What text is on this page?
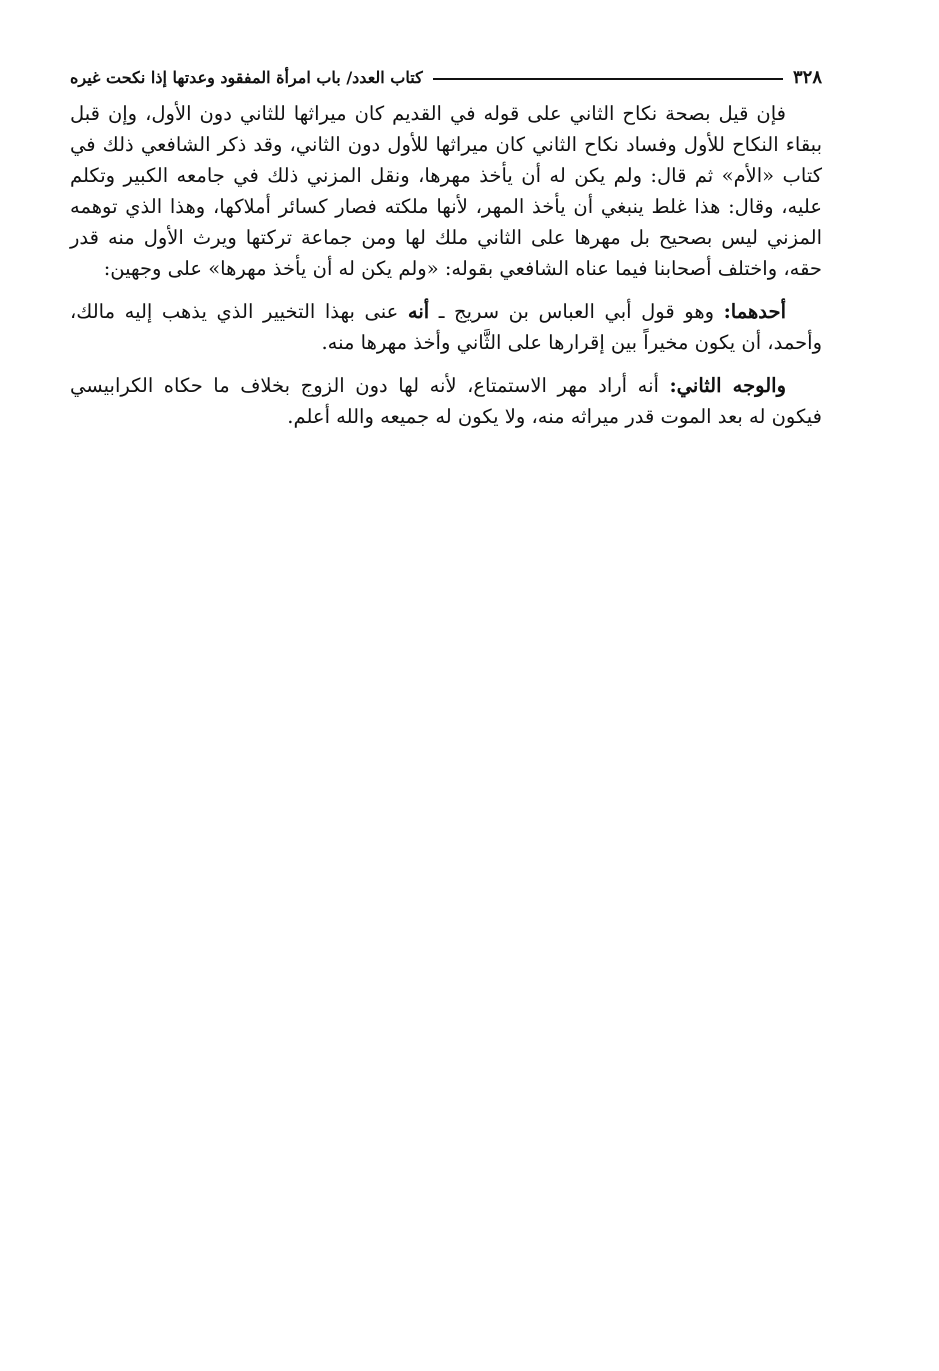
٣٢٨
كتاب العدد/ باب امرأة المفقود وعدتها إذا نكحت غيره

فإن قيل بصحة نكاح الثاني على قوله في القديم كان ميراثها للثاني دون الأول، وإن قبل ببقاء النكاح للأول وفساد نكاح الثاني كان ميراثها للأول دون الثاني، وقد ذكر الشافعي ذلك في كتاب «الأم» ثم قال: ولم يكن له أن يأخذ مهرها، ونقل المزني ذلك في جامعه الكبير وتكلم عليه، وقال: هذا غلط ينبغي أن يأخذ المهر، لأنها ملكته فصار كسائر أملاكها، وهذا الذي توهمه المزني ليس بصحيح بل مهرها على الثاني ملك لها ومن جماعة تركتها ويرث الأول منه قدر حقه، واختلف أصحابنا فيما عناه الشافعي بقوله: «ولم يكن له أن يأخذ مهرها» على وجهين:

أحدهما: وهو قول أبي العباس بن سريج ـ أنه عنى بهذا التخيير الذي يذهب إليه مالك، وأحمد، أن يكون مخيراً بين إقرارها على الثَّاني وأخذ مهرها منه.

والوجه الثاني: أنه أراد مهر الاستمتاع، لأنه لها دون الزوج بخلاف ما حكاه الكرابيسي فيكون له بعد الموت قدر ميراثه منه، ولا يكون له جميعه والله أعلم.
